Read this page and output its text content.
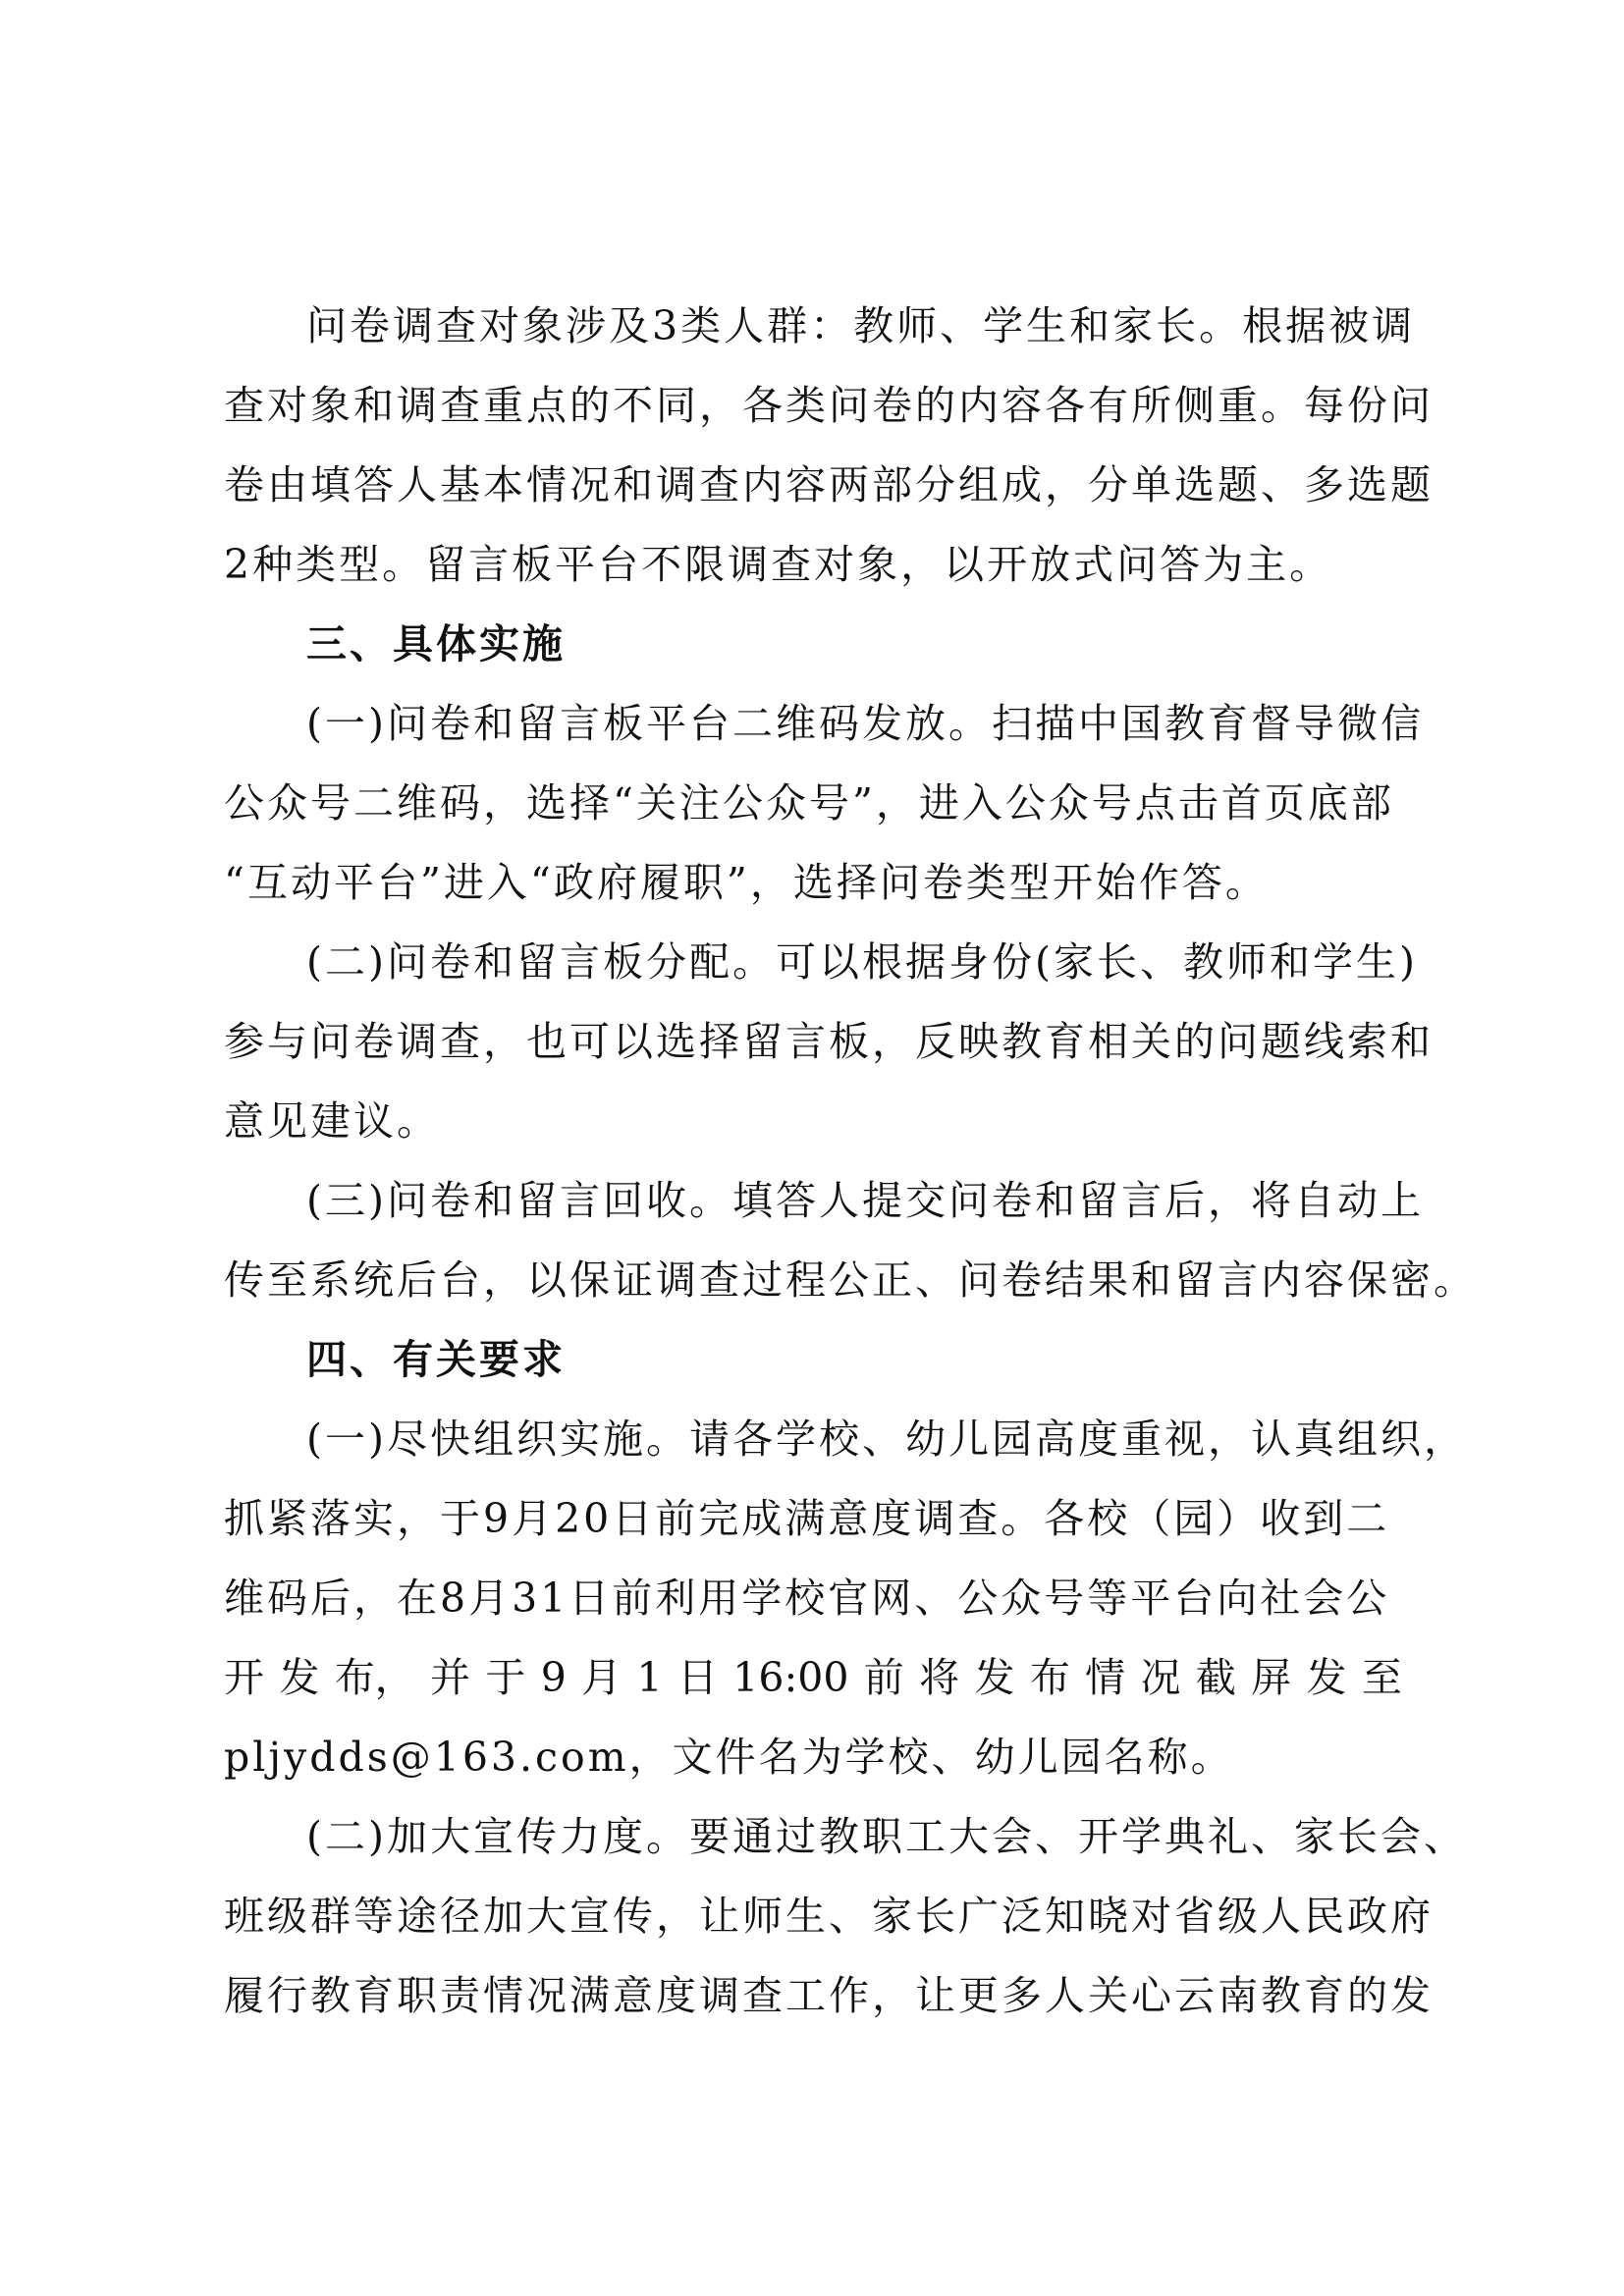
问卷调查对象涉及3类人群：教师、学生和家长。根据被调
查对象和调查重点的不同，各类问卷的内容各有所侧重。每份问
卷由填答人基本情况和调查内容两部分组成，分单选题、多选题
2种类型。留言板平台不限调查对象，以开放式问答为主。
三、具体实施
(一)问卷和留言板平台二维码发放。扫描中国教育督导微信
公众号二维码，选择“关注公众号”，进入公众号点击首页底部
“互动平台”进入“政府履职”，选择问卷类型开始作答。
(二)问卷和留言板分配。可以根据身份(家长、教师和学生)
参与问卷调查，也可以选择留言板，反映教育相关的问题线索和
意见建议。
(三)问卷和留言回收。填答人提交问卷和留言后，将自动上
传至系统后台，以保证调查过程公正、问卷结果和留言内容保密。
四、有关要求
(一)尽快组织实施。请各学校、幼儿园高度重视，认真组织，
抓紧落实，于9月20日前完成满意度调查。各校（园）收到二
维码后，在8月31日前利用学校官网、公众号等平台向社会公
开 发 布， 并 于 9 月 1 日 16:00 前 将 发 布 情 况 截 屏 发 至
pljydds@163.com，文件名为学校、幼儿园名称。
(二)加大宣传力度。要通过教职工大会、开学典礼、家长会、
班级群等途径加大宣传，让师生、家长广泛知晓对省级人民政府
履行教育职责情况满意度调查工作，让更多人关心云南教育的发
